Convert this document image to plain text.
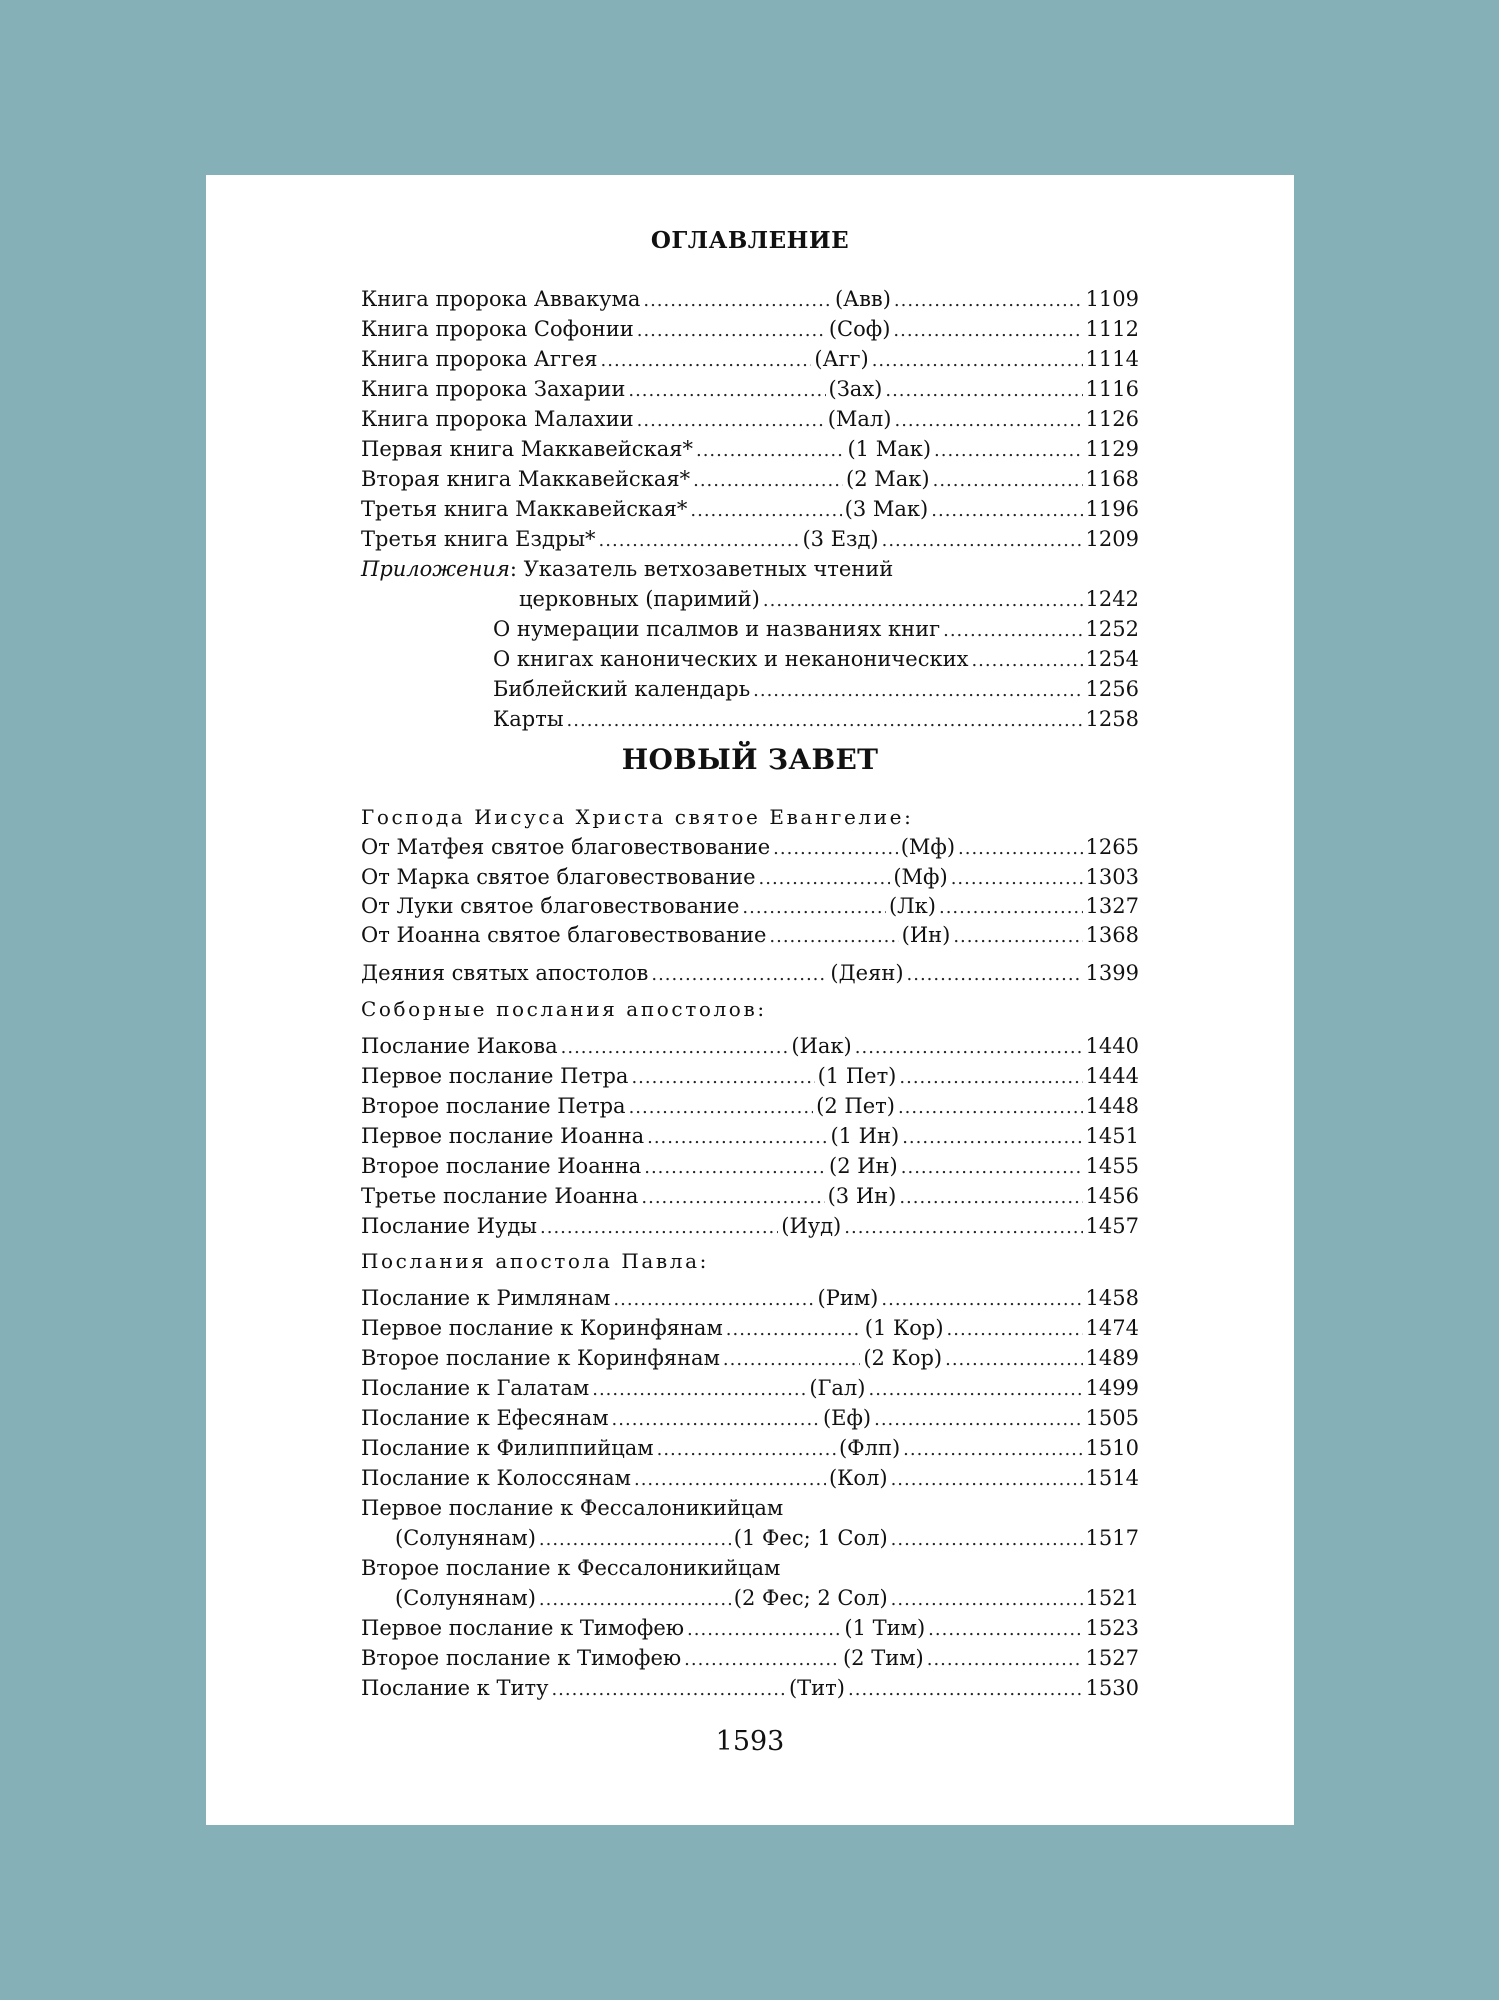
ОГЛАВЛЕНИЕ
Книга пророка Аввакума .....	(Авв) .....	1109
Книга пророка Софонии .....	(Соф) .....	1112
Книга пророка Аггея .....	(Агг) .....	1114
Книга пророка Захарии .....	(Зах) .....	1116
Книга пророка Малахии .....	(Мал) .....	1126
Первая книга Маккавейская* .....	(1 Мак) .....	1129
Вторая книга Маккавейская* .....	(2 Мак) .....	1168
Третья книга Маккавейская* .....	(3 Мак) .....	1196
Третья книга Ездры* .....	(3 Езд) .....	1209
Приложения: Указатель ветхозаветных чтений
церковных (паримий) .....	1242
О нумерации псалмов и названиях книг .....	1252
О книгах канонических и неканонических .....	1254
Библейский календарь .....	1256
Карты .....	1258
НОВЫЙ ЗАВЕТ
Господа Иисуса Христа святое Евангелие:
От Матфея святое благовествование .....	(Мф) .....	1265
От Марка святое благовествование .....	(Мф) .....	1303
От Луки святое благовествование .....	(Лк) .....	1327
От Иоанна святое благовествование .....	(Ин) .....	1368
Деяния святых апостолов .....	(Деян) .....	1399
Соборные послания апостолов:
Послание Иакова .....	(Иак) .....	1440
Первое послание Петра .....	(1 Пет) .....	1444
Второе послание Петра .....	(2 Пет) .....	1448
Первое послание Иоанна .....	(1 Ин) .....	1451
Второе послание Иоанна .....	(2 Ин) .....	1455
Третье послание Иоанна .....	(3 Ин) .....	1456
Послание Иуды .....	(Иуд) .....	1457
Послания апостола Павла:
Послание к Римлянам .....	(Рим) .....	1458
Первое послание к Коринфянам .....	(1 Кор) .....	1474
Второе послание к Коринфянам .....	(2 Кор) .....	1489
Послание к Галатам .....	(Гал) .....	1499
Послание к Ефесянам .....	(Еф) .....	1505
Послание к Филиппийцам .....	(Флп) .....	1510
Послание к Колоссянам .....	(Кол) .....	1514
Первое послание к Фессалоникийцам
(Солунянам) .....	(1 Фес; 1 Сол) .....	1517
Второе послание к Фессалоникийцам
(Солунянам) .....	(2 Фес; 2 Сол) .....	1521
Первое послание к Тимофею .....	(1 Тим) .....	1523
Второе послание к Тимофею .....	(2 Тим) .....	1527
Послание к Титу .....	(Тит) .....	1530
1593
